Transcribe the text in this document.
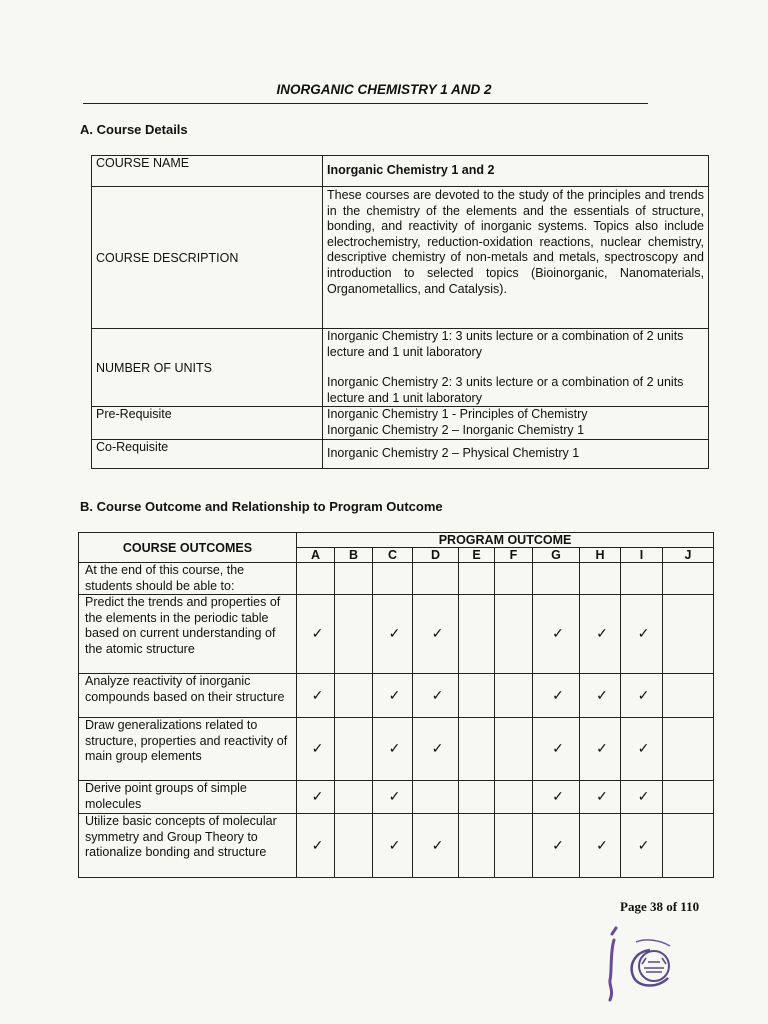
INORGANIC CHEMISTRY 1 AND 2
A. Course Details
COURSE NAME	Inorganic Chemistry 1 and 2
COURSE DESCRIPTION	These courses are devoted to the study of the principles and trends in the chemistry of the elements and the essentials of structure, bonding, and reactivity of inorganic systems. Topics also include electrochemistry, reduction-oxidation reactions, nuclear chemistry, descriptive chemistry of non-metals and metals, spectroscopy and introduction to selected topics (Bioinorganic, Nanomaterials, Organometallics, and Catalysis).
NUMBER OF UNITS	Inorganic Chemistry 1: 3 units lecture or a combination of 2 units lecture and 1 unit laboratory
Inorganic Chemistry 2: 3 units lecture or a combination of 2 units lecture and 1 unit laboratory

Pre-Requisite	Inorganic Chemistry 1 - Principles of Chemistry
Inorganic Chemistry 2 – Inorganic Chemistry 1

Co-Requisite	Inorganic Chemistry 2 – Physical Chemistry 1
B. Course Outcome and Relationship to Program Outcome
COURSE OUTCOMES	PROGRAM OUTCOME									
	A	B	C	D	E	F	G	H	I	J
At the end of this course, the students should be able to:										
Predict the trends and properties of the elements in the periodic table based on current understanding of the atomic structure	✓		✓	✓			✓	✓	✓	
Analyze reactivity of inorganic compounds based on their structure	✓		✓	✓			✓	✓	✓	
Draw generalizations related to structure, properties and reactivity of main group elements	✓		✓	✓			✓	✓	✓	
Derive point groups of simple molecules	✓		✓				✓	✓	✓	
Utilize basic concepts of molecular symmetry and Group Theory to rationalize bonding and structure	✓		✓	✓			✓	✓	✓	
Page 38 of 110
